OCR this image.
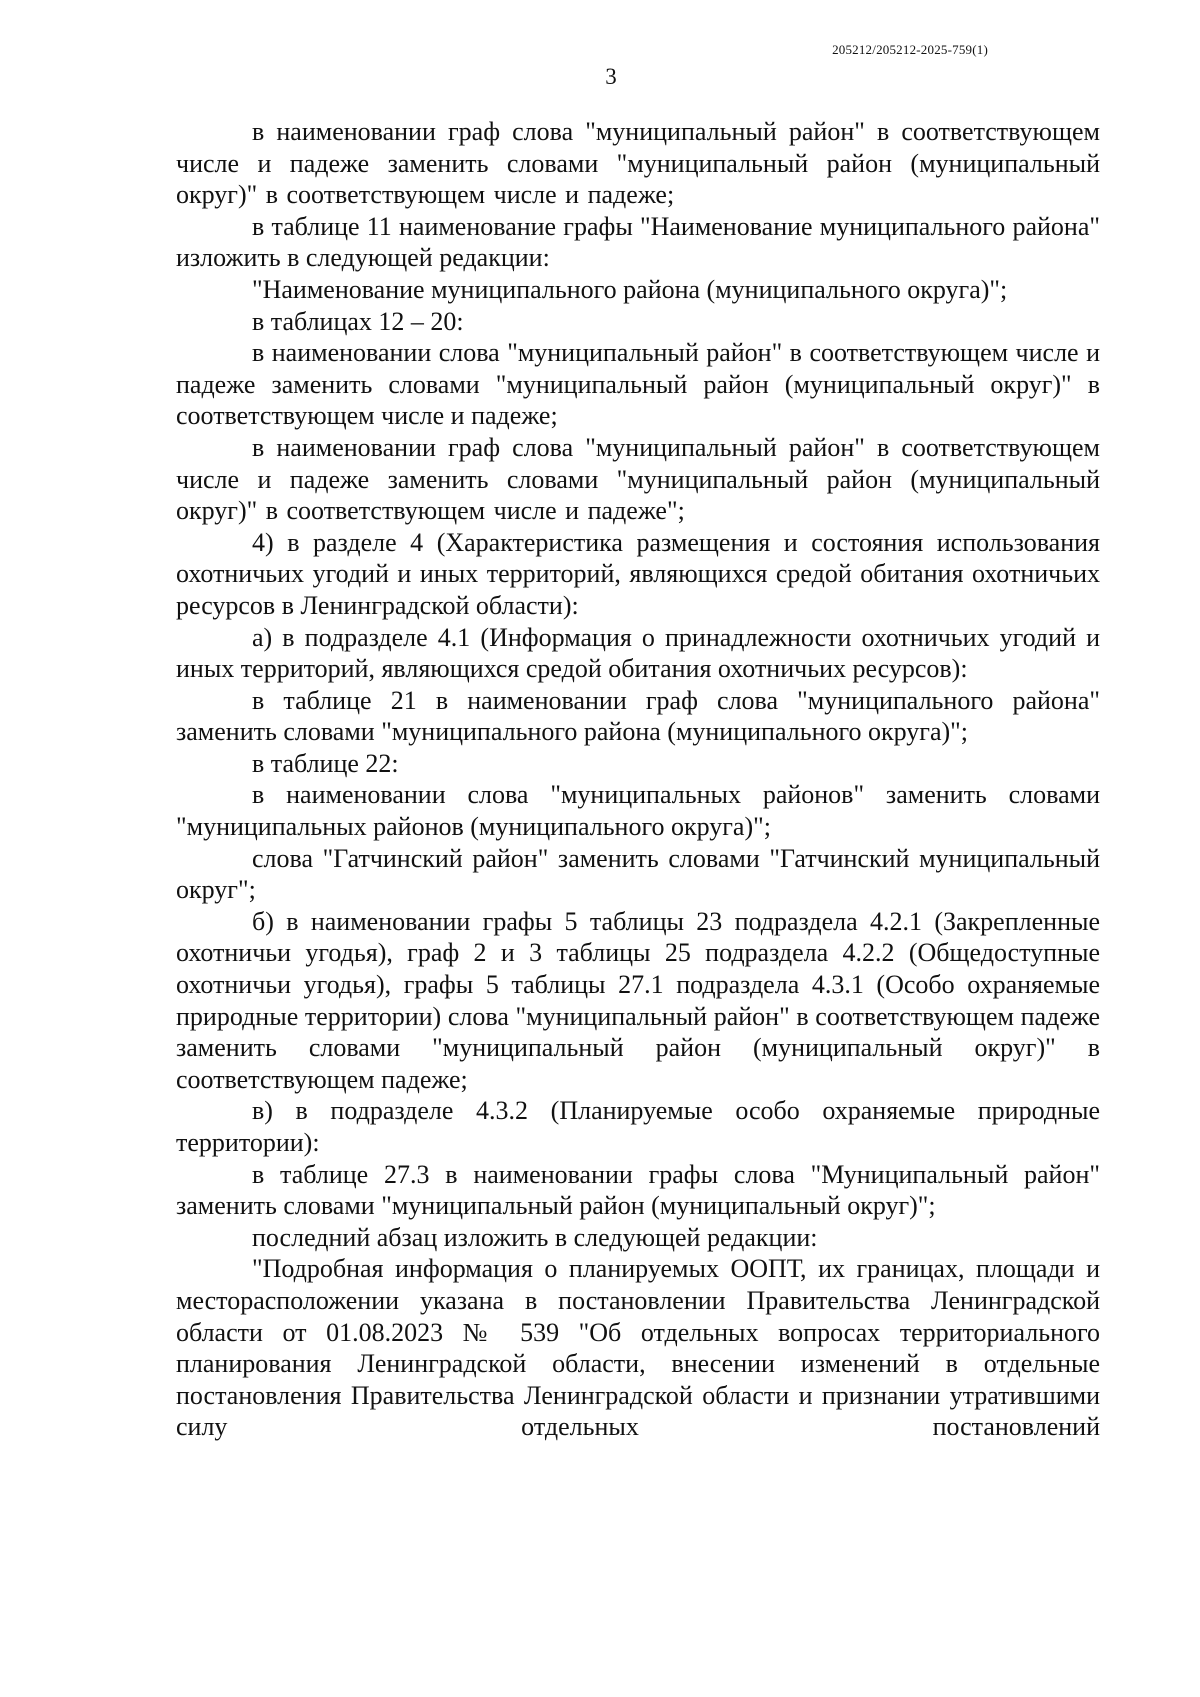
205212/205212-2025-759(1)
3

в наименовании граф слова "муниципальный район" в соответствующем числе и падеже заменить словами "муниципальный район (муниципальный округ)" в соответствующем числе и падеже;

в таблице 11 наименование графы "Наименование муниципального района" изложить в следующей редакции:

"Наименование муниципального района (муниципального округа)";

в таблицах 12 – 20:

в наименовании слова "муниципальный район" в соответствующем числе и падеже заменить словами "муниципальный район (муниципальный округ)" в соответствующем числе и падеже;

в наименовании граф слова "муниципальный район" в соответствующем числе и падеже заменить словами "муниципальный район (муниципальный округ)" в соответствующем числе и падеже";

4) в разделе 4 (Характеристика размещения и состояния использования охотничьих угодий и иных территорий, являющихся средой обитания охотничьих ресурсов в Ленинградской области):

а) в подразделе 4.1 (Информация о принадлежности охотничьих угодий и иных территорий, являющихся средой обитания охотничьих ресурсов):

в таблице 21 в наименовании граф слова "муниципального района" заменить словами "муниципального района (муниципального округа)";

в таблице 22:

в наименовании слова "муниципальных районов" заменить словами "муниципальных районов (муниципального округа)";

слова "Гатчинский район" заменить словами "Гатчинский муниципальный округ";

б) в наименовании графы 5 таблицы 23 подраздела 4.2.1 (Закрепленные охотничьи угодья), граф 2 и 3 таблицы 25 подраздела 4.2.2 (Общедоступные охотничьи угодья), графы 5 таблицы 27.1 подраздела 4.3.1 (Особо охраняемые природные территории) слова "муниципальный район" в соответствующем падеже заменить словами "муниципальный район (муниципальный округ)" в соответствующем падеже;

в) в подразделе 4.3.2 (Планируемые особо охраняемые природные территории):

в таблице 27.3 в наименовании графы слова "Муниципальный район" заменить словами "муниципальный район (муниципальный округ)";

последний абзац изложить в следующей редакции:

"Подробная информация о планируемых ООПТ, их границах, площади и месторасположении указана в постановлении Правительства Ленинградской области от 01.08.2023 № 539 "Об отдельных вопросах территориального планирования Ленинградской области, внесении изменений в отдельные постановления Правительства Ленинградской области и признании утратившими силу отдельных постановлений
